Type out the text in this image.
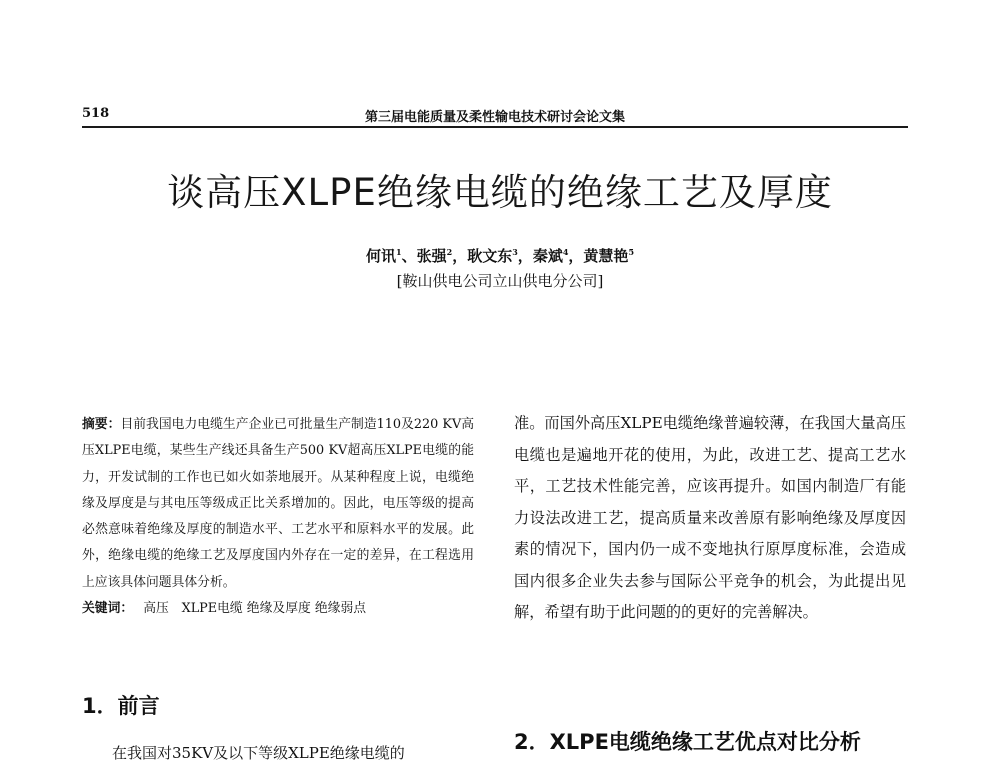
518	第三届电能质量及柔性输电技术研讨会论文集
谈高压XLPE绝缘电缆的绝缘工艺及厚度
何讯$^1$、张强$^2$，耿文东$^3$，秦斌$^4$，黄慧艳$^5$
[鞍山供电公司立山供电分公司]

摘要：目前我国电力电缆生产企业已可批量生产制造110及220 KV高压XLPE电缆，某些生产线还具备生产500 KV超高压XLPE电缆的能力，开发试制的工作也已如火如荼地展开。从某种程度上说，电缆绝缘及厚度是与其电压等级成正比关系增加的。因此，电压等级的提高必然意味着绝缘及厚度的制造水平、工艺水平和原料水平的发展。此外，绝缘电缆的绝缘工艺及厚度国内外存在一定的差异，在工程选用上应该具体问题具体分析。

关键词： 高压　XLPE电缆 绝缘及厚度 绝缘弱点

1．前言

在我国对35KV及以下等级XLPE绝缘电缆的

准。而国外高压XLPE电缆绝缘普遍较薄，在我国大量高压电缆也是遍地开花的使用，为此，改进工艺、提高工艺水平，工艺技术性能完善，应该再提升。如国内制造厂有能力设法改进工艺，提高质量来改善原有影响绝缘及厚度因素的情况下，国内仍一成不变地执行原厚度标准，会造成国内很多企业失去参与国际公平竞争的机会，为此提出见解，希望有助于此问题的的更好的完善解决。

2．XLPE电缆绝缘工艺优点对比分析
